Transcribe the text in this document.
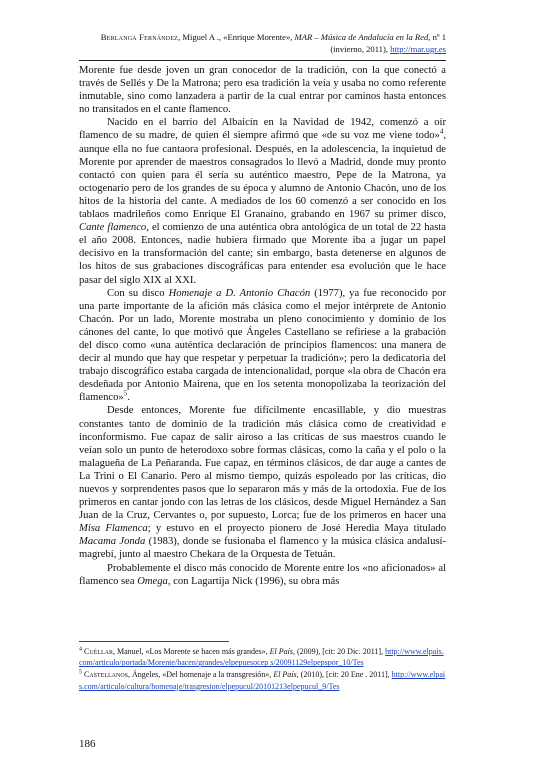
Berlanga Fernández, Miguel A ., «Enrique Morente», MAR – Música de Andalucía en la Red, nº 1
(invierno, 2011), http://mar.ugr.es

Morente fue desde joven un gran conocedor de la tradición, con la que conectó a través de Sellés y De la Matrona; pero esa tradición la veía y usaba no como referente inmutable, sino como lanzadera a partir de la cual entrar por caminos hasta entonces no transitados en el cante flamenco.

Nacido en el barrio del Albaicín en la Navidad de 1942, comenzó a oír flamenco de su madre, de quien él siempre afirmó que «de su voz me viene todo»$^4$, aunque ella no fue cantaora profesional. Después, en la adolescencia, la inquietud de Morente por aprender de maestros consagrados lo llevó a Madrid, donde muy pronto contactó con quien para él sería su auténtico maestro, Pepe de la Matrona, ya octogenario pero de los grandes de su época y alumno de Antonio Chacón, uno de los hitos de la historia del cante. A mediados de los 60 comenzó a ser conocido en los tablaos madrileños como Enrique El Granaíno, grabando en 1967 su primer disco, Cante flamenco, el comienzo de una auténtica obra antológica de un total de 22 hasta el año 2008. Entonces, nadie hubiera firmado que Morente iba a jugar un papel decisivo en la transformación del cante; sin embargo, basta detenerse en algunos de los hitos de sus grabaciones discográficas para entender esa evolución que le hace pasar del siglo XIX al XXI.

Con su disco Homenaje a D. Antonio Chacón (1977), ya fue reconocido por una parte importante de la afición más clásica como el mejor intérprete de Antonio Chacón. Por un lado, Morente mostraba un pleno conocimiento y dominio de los cánones del cante, lo que motivó que Ángeles Castellano se refiriese a la grabación del disco como «una auténtica declaración de principios flamencos: una manera de decir al mundo que hay que respetar y perpetuar la tradición»; pero la dedicatoria del trabajo discográfico estaba cargada de intencionalidad, porque «la obra de Chacón era desdeñada por Antonio Mairena, que en los setenta monopolizaba la teorización del flamenco»$^5$.

Desde entonces, Morente fue difícilmente encasillable, y dio muestras constantes tanto de dominio de la tradición más clásica como de creatividad e inconformismo. Fue capaz de salir airoso a las críticas de sus maestros cuando le veían solo un punto de heterodoxo sobre formas clásicas, como la caña y el polo o la malagueña de La Peñaranda. Fue capaz, en términos clásicos, de dar auge a cantes de La Trini o El Canario. Pero al mismo tiempo, quizás espoleado por las críticas, dio nuevos y sorprendentes pasos que lo separaron más y más de la ortodoxia. Fue de los primeros en cantar jondo con las letras de los clásicos, desde Miguel Hernández a San Juan de la Cruz, Cervantes o, por supuesto, Lorca; fue de los primeros en hacer una Misa Flamenca; y estuvo en el proyecto pionero de José Heredia Maya titulado Macama Jonda (1983), donde se fusionaba el flamenco y la música clásica andalusí-magrebí, junto al maestro Chekara de la Orquesta de Tetuán.

Probablemente el disco más conocido de Morente entre los «no aficionados» al flamenco sea Omega, con Lagartija Nick (1996), su obra más

$^4$ Cuéllar, Manuel, «Los Morente se hacen más grandes», El País, (2009), [cit: 20 Dic. 2011], http://www.elpais.com/articulo/portada/Morente/hacen/grandes/elpepuesocep s/20091129elpepspor_10/Tes

$^5$ Castellanos, Ángeles, «Del homenaje a la transgresión», El País, (2010), [cit: 20 Ene . 2011], http://www.elpais.com/articulo/cultura/homenaje/trasgresion/elpepucul/20101213elpepucul_9/Tes

186
